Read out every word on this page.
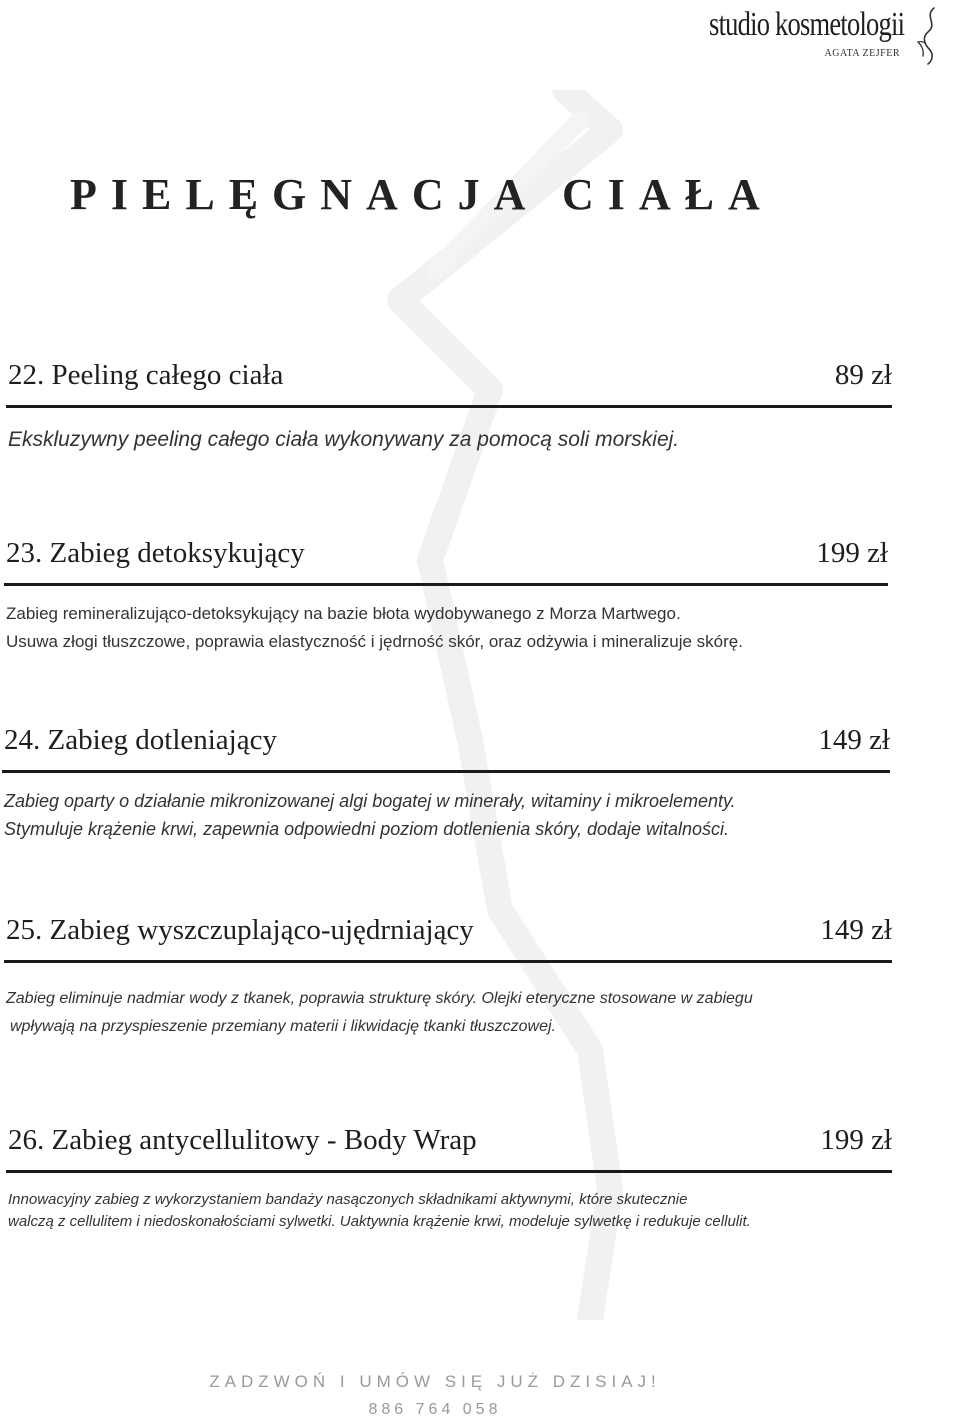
studio kosmetologii
AGATA ZEJFER
PIELĘGNACJA CIAŁA
22. Peeling całego ciała	89 zł
Ekskluzywny peeling całego ciała wykonywany za pomocą soli morskiej.
23. Zabieg detoksykujący	199 zł
Zabieg remineralizująco-detoksykujący na bazie błota wydobywanego z Morza Martwego.
Usuwa złogi tłuszczowe, poprawia elastyczność i jędrność skór, oraz odżywia i mineralizuje skórę.
24. Zabieg dotleniający	149 zł
Zabieg oparty o działanie mikronizowanej algi bogatej w minerały, witaminy i mikroelementy.
Stymuluje krążenie krwi, zapewnia odpowiedni poziom dotlenienia skóry, dodaje witalności.
25. Zabieg wyszczuplająco-ujędrniający	149 zł
Zabieg eliminuje nadmiar wody z tkanek, poprawia strukturę skóry. Olejki eteryczne stosowane w zabiegu
wpływają na przyspieszenie przemiany materii i likwidację tkanki tłuszczowej.
26. Zabieg antycellulitowy - Body Wrap	199 zł
Innowacyjny zabieg z wykorzystaniem bandaży nasączonych składnikami aktywnymi, które skutecznie
walczą z cellulitem i niedoskonałościami sylwetki. Uaktywnia krążenie krwi, modeluje sylwetkę i redukuje cellulit.
ZADZWOŃ I UMÓW SIĘ JUŻ DZISIAJ!
886 764 058
